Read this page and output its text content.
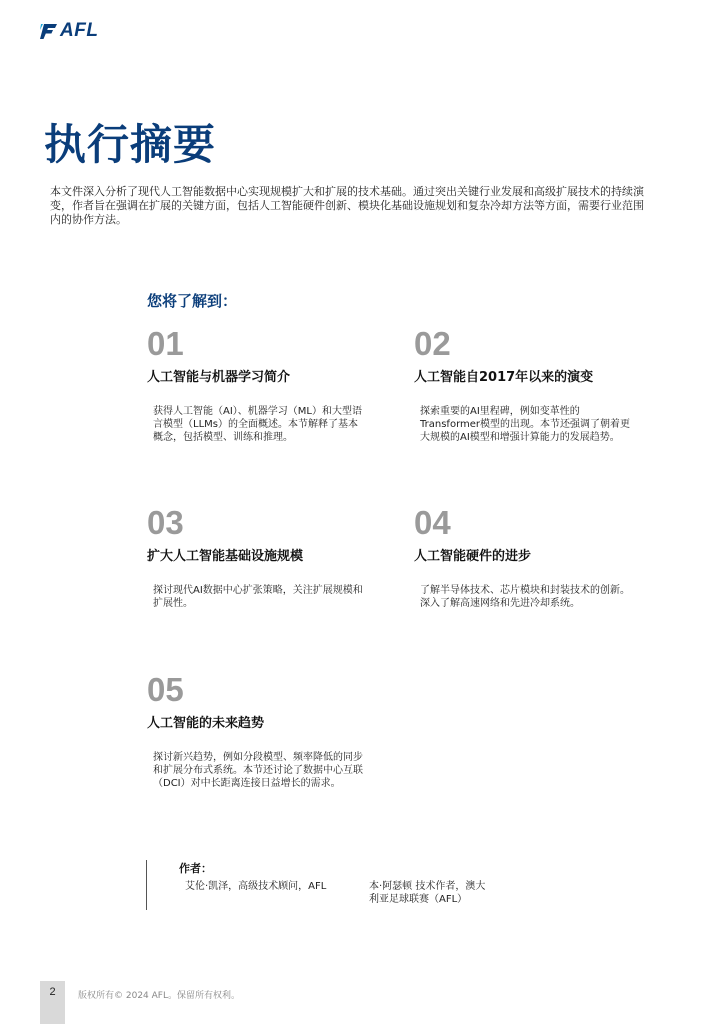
AFL
执行摘要

本文件深入分析了现代人工智能数据中心实现规模扩大和扩展的技术基础。通过突出关键行业发展和高级扩展技术的持续演变，作者旨在强调在扩展的关键方面，包括人工智能硬件创新、模块化基础设施规划和复杂冷却方法等方面，需要行业范围内的协作方法。

您将了解到：

01

人工智能与机器学习简介

获得人工智能（AI）、机器学习（ML）和大型语言模型（LLMs）的全面概述。本节解释了基本概念，包括模型、训练和推理。

02

人工智能自2017年以来的演变

探索重要的AI里程碑，例如变革性的Transformer模型的出现。本节还强调了朝着更大规模的AI模型和增强计算能力的发展趋势。

03

扩大人工智能基础设施规模

探讨现代AI数据中心扩张策略，关注扩展规模和扩展性。

04

人工智能硬件的进步

了解半导体技术、芯片模块和封装技术的创新。深入了解高速网络和先进冷却系统。

05

人工智能的未来趋势

探讨新兴趋势，例如分段模型、频率降低的同步和扩展分布式系统。本节还讨论了数据中心互联（DCI）对中长距离连接日益增长的需求。

作者：
艾伦·凯泽，高级技术顾问，AFL	本·阿瑟顿 技术作者，澳大利亚足球联赛（AFL）
2	版权所有© 2024 AFL。保留所有权利。
